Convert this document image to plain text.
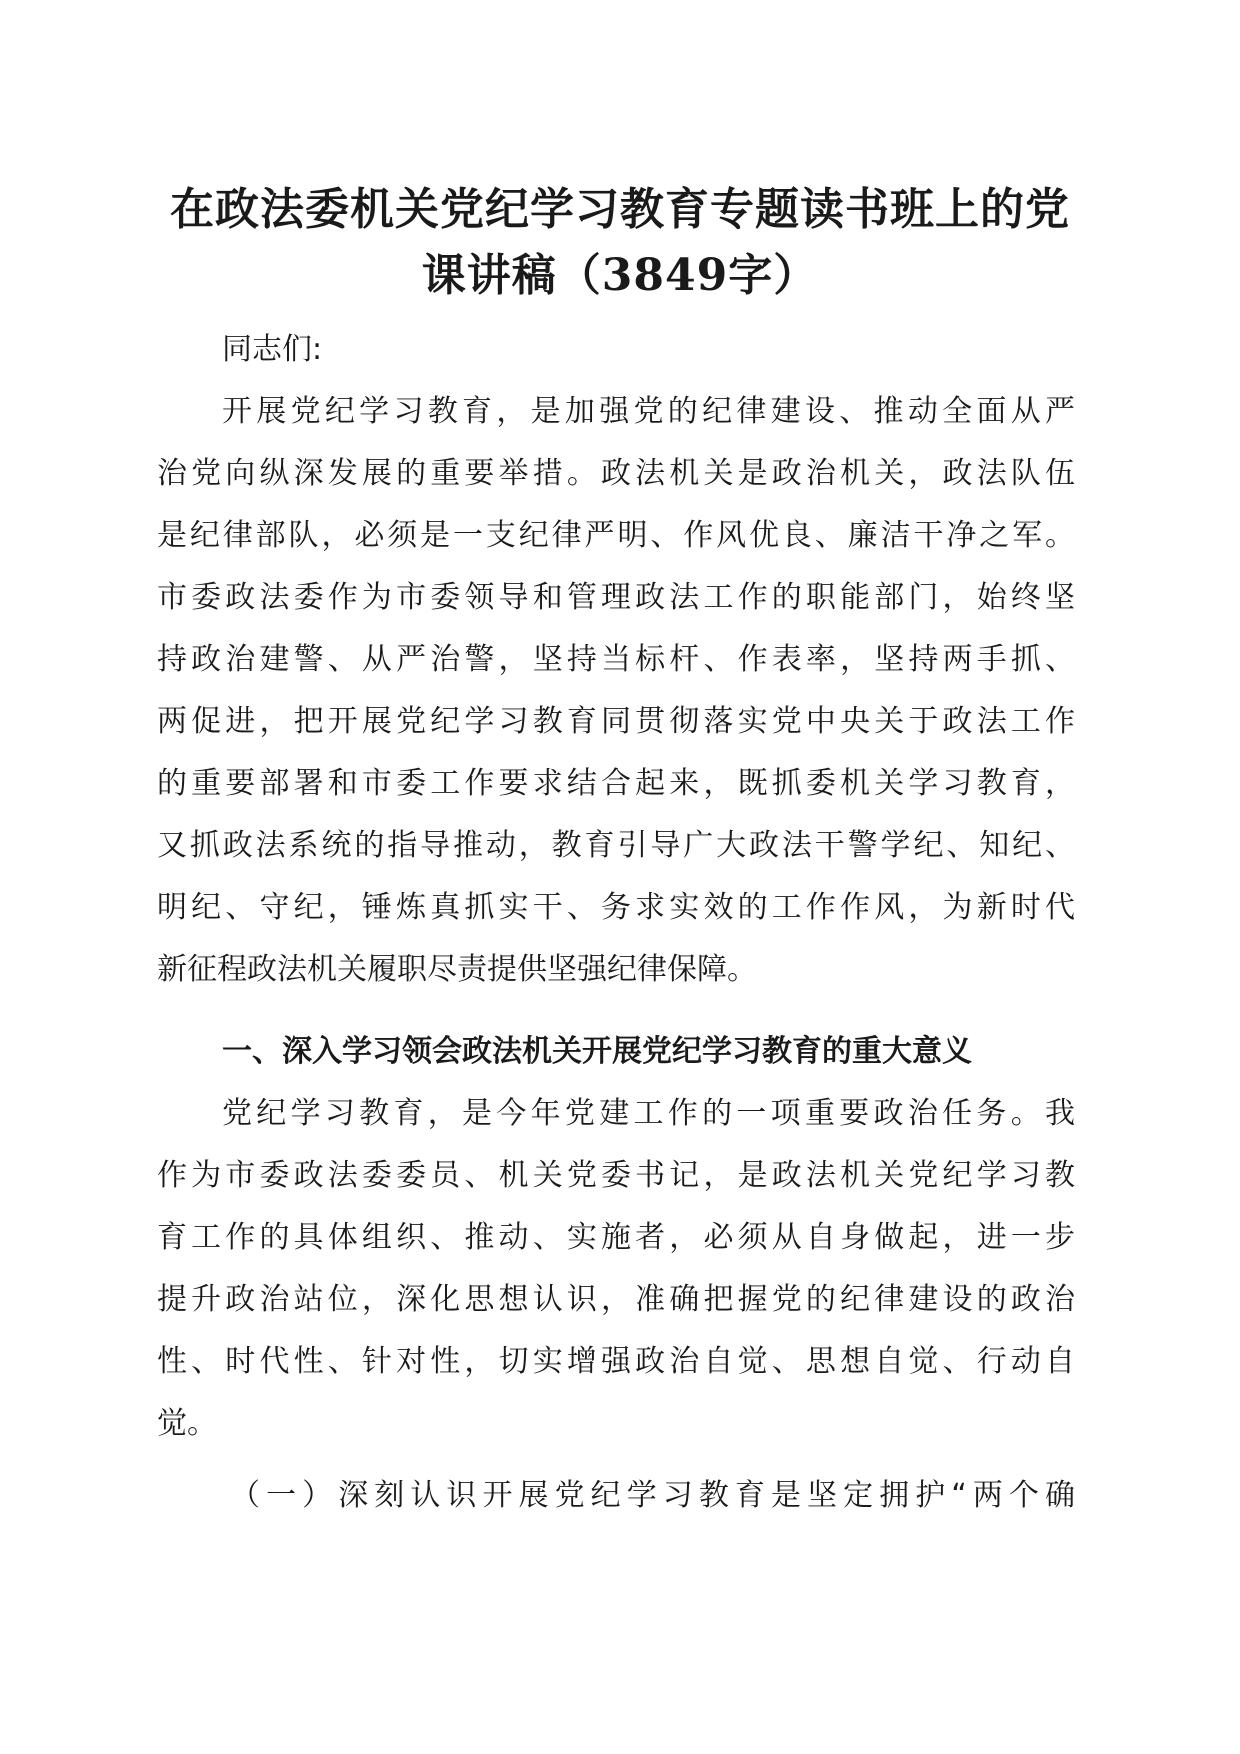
在政法委机关党纪学习教育专题读书班上的党
课讲稿（3849字）
同志们:
开展党纪学习教育，是加强党的纪律建设、推动全面从严
治党向纵深发展的重要举措。政法机关是政治机关，政法队伍
是纪律部队，必须是一支纪律严明、作风优良、廉洁干净之军。
市委政法委作为市委领导和管理政法工作的职能部门，始终坚
持政治建警、从严治警，坚持当标杆、作表率，坚持两手抓、
两促进，把开展党纪学习教育同贯彻落实党中央关于政法工作
的重要部署和市委工作要求结合起来，既抓委机关学习教育，
又抓政法系统的指导推动，教育引导广大政法干警学纪、知纪、
明纪、守纪，锤炼真抓实干、务求实效的工作作风，为新时代
新征程政法机关履职尽责提供坚强纪律保障。
一、深入学习领会政法机关开展党纪学习教育的重大意义
党纪学习教育，是今年党建工作的一项重要政治任务。我
作为市委政法委委员、机关党委书记，是政法机关党纪学习教
育工作的具体组织、推动、实施者，必须从自身做起，进一步
提升政治站位，深化思想认识，准确把握党的纪律建设的政治
性、时代性、针对性，切实增强政治自觉、思想自觉、行动自
觉。
（一）深刻认识开展党纪学习教育是坚定拥护“两个确
